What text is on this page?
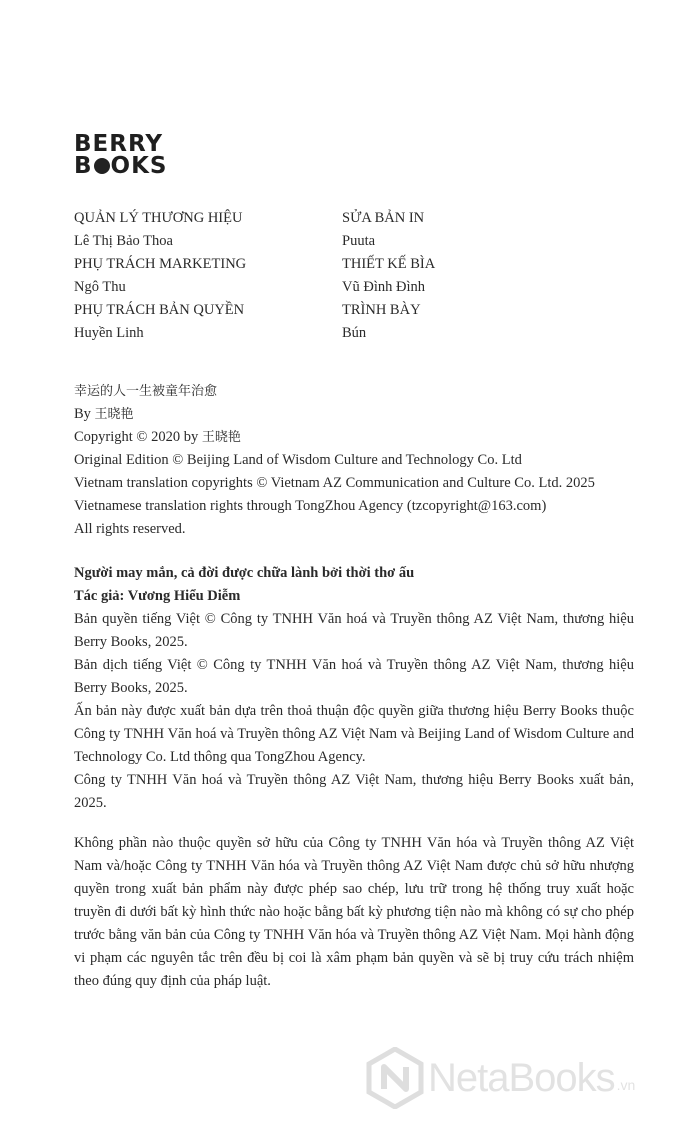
BERRY
B OKS
QUẢN LÝ THƯƠNG HIỆU
Lê Thị Bảo Thoa
PHỤ TRÁCH MARKETING
Ngô Thu
PHỤ TRÁCH BẢN QUYỀN
Huyền Linh
SỬA BẢN IN
Puuta
THIẾT KẾ BÌA
Vũ Đình Đình
TRÌNH BÀY
Bún
幸运的人一生被童年治愈
By 王晓艳
Copyright © 2020 by 王晓艳
Original Edition © Beijing Land of Wisdom Culture and Technology Co. Ltd
Vietnam translation copyrights © Vietnam AZ Communication and Culture Co. Ltd. 2025
Vietnamese translation rights through TongZhou Agency (tzcopyright@163.com)
All rights reserved.
Người may mắn, cả đời được chữa lành bởi thời thơ ấu
Tác giả: Vương Hiểu Diễm

Bản quyền tiếng Việt © Công ty TNHH Văn hoá và Truyền thông AZ Việt Nam, thương hiệu Berry Books, 2025.

Bản dịch tiếng Việt © Công ty TNHH Văn hoá và Truyền thông AZ Việt Nam, thương hiệu Berry Books, 2025.

Ấn bản này được xuất bản dựa trên thoả thuận độc quyền giữa thương hiệu Berry Books thuộc Công ty TNHH Văn hoá và Truyền thông AZ Việt Nam và Beijing Land of Wisdom Culture and Technology Co. Ltd thông qua TongZhou Agency.

Công ty TNHH Văn hoá và Truyền thông AZ Việt Nam, thương hiệu Berry Books xuất bản, 2025.

Không phần nào thuộc quyền sở hữu của Công ty TNHH Văn hóa và Truyền thông AZ Việt Nam và/hoặc Công ty TNHH Văn hóa và Truyền thông AZ Việt Nam được chủ sở hữu nhượng quyền trong xuất bản phẩm này được phép sao chép, lưu trữ trong hệ thống truy xuất hoặc truyền đi dưới bất kỳ hình thức nào hoặc bằng bất kỳ phương tiện nào mà không có sự cho phép trước bằng văn bản của Công ty TNHH Văn hóa và Truyền thông AZ Việt Nam. Mọi hành động vi phạm các nguyên tắc trên đều bị coi là xâm phạm bản quyền và sẽ bị truy cứu trách nhiệm theo đúng quy định của pháp luật.

NetaBooks .vn
